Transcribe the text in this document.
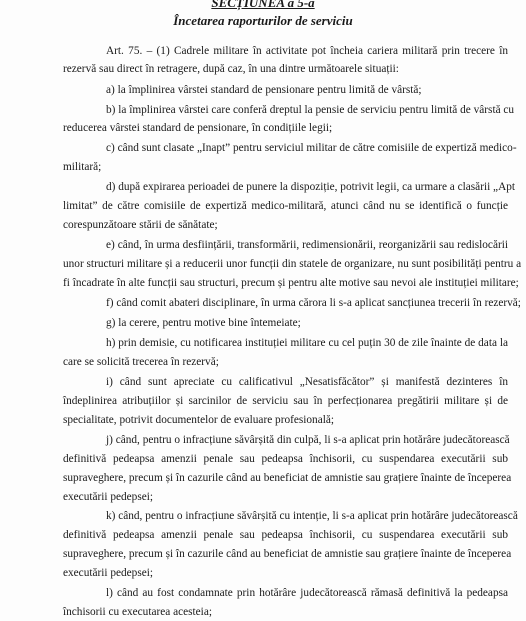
SECȚIUNEA a 5-a
Încetarea raporturilor de serviciu
Art. 75. – (1) Cadrele militare în activitate pot încheia cariera militară prin trecere în
rezervă sau direct în retragere, după caz, în una dintre următoarele situații:
a) la împlinirea vârstei standard de pensionare pentru limită de vârstă;
b) la împlinirea vârstei care conferă dreptul la pensie de serviciu pentru limită de vârstă cu
reducerea vârstei standard de pensionare, în condițiile legii;
c) când sunt clasate „Inapt” pentru serviciul militar de către comisiile de expertiză medico-
militară;
d) după expirarea perioadei de punere la dispoziție, potrivit legii, ca urmare a clasării „Apt
limitat” de către comisiile de expertiză medico-militară, atunci când nu se identifică o funcție
corespunzătoare stării de sănătate;
e) când, în urma desființării, transformării, redimensionării, reorganizării sau redislocării
unor structuri militare și a reducerii unor funcții din statele de organizare, nu sunt posibilități pentru a
fi încadrate în alte funcții sau structuri, precum și pentru alte motive sau nevoi ale instituției militare;
f) când comit abateri disciplinare, în urma cărora li s-a aplicat sancțiunea trecerii în rezervă;
g) la cerere, pentru motive bine întemeiate;
h) prin demisie, cu notificarea instituției militare cu cel puțin 30 de zile înainte de data la
care se solicită trecerea în rezervă;
i) când sunt apreciate cu calificativul „Nesatisfăcător” și manifestă dezinteres în
îndeplinirea atribuțiilor și sarcinilor de serviciu sau în perfecționarea pregătirii militare și de
specialitate, potrivit documentelor de evaluare profesională;
j) când, pentru o infracțiune săvârșită din culpă, li s-a aplicat prin hotărâre judecătorească
definitivă pedeapsa amenzii penale sau pedeapsa închisorii, cu suspendarea executării sub
supraveghere, precum și în cazurile când au beneficiat de amnistie sau grațiere înainte de începerea
executării pedepsei;
k) când, pentru o infracțiune săvârșită cu intenție, li s-a aplicat prin hotărâre judecătorească
definitivă pedeapsa amenzii penale sau pedeapsa închisorii, cu suspendarea executării sub
supraveghere, precum și în cazurile când au beneficiat de amnistie sau grațiere înainte de începerea
executării pedepsei;
l) când au fost condamnate prin hotărâre judecătorească rămasă definitivă la pedeapsa
închisorii cu executarea acesteia;
